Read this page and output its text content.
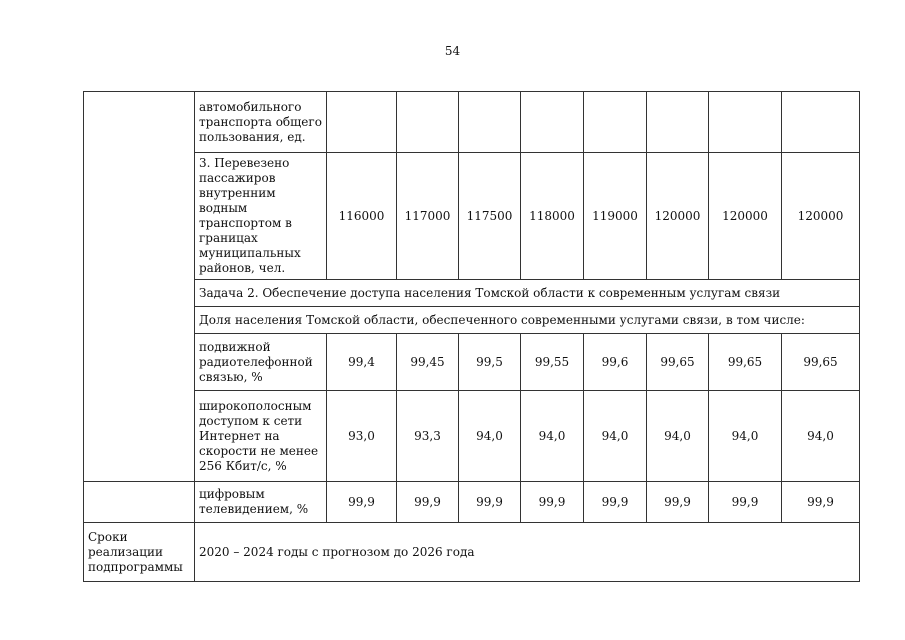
54
	автомобильного транспорта общего пользования, ед.								
	3. Перевезено пассажиров внутренним водным транспортом в границах муниципальных районов, чел.	116000	117000	117500	118000	119000	120000	120000	120000
	Задача 2. Обеспечение доступа населения Томской области к современным услугам связи								
	Доля населения Томской области, обеспеченного современными услугами связи, в том числе:								
	подвижной радиотелефонной связью, %	99,4	99,45	99,5	99,55	99,6	99,65	99,65	99,65
	широкополосным доступом к сети Интернет на скорости не менее 256 Кбит/с, %	93,0	93,3	94,0	94,0	94,0	94,0	94,0	94,0
	цифровым телевидением, %	99,9	99,9	99,9	99,9	99,9	99,9	99,9	99,9
Сроки реализации подпрограммы	2020 – 2024 годы с прогнозом до 2026 года								
